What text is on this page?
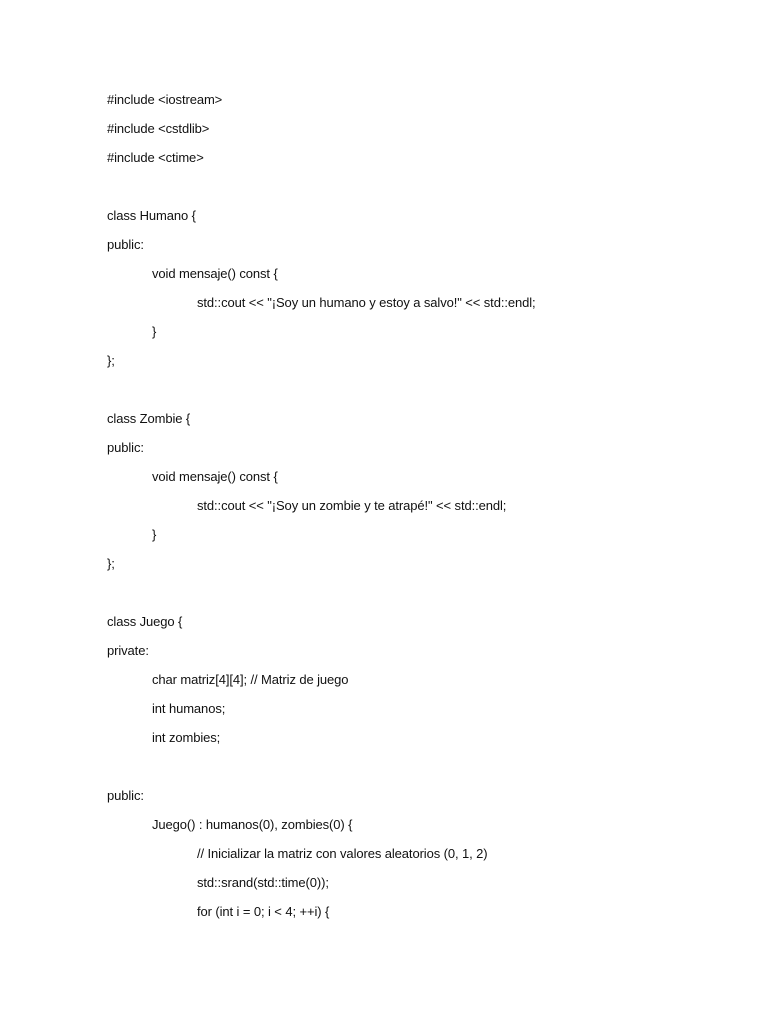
#include <iostream>
#include <cstdlib>
#include <ctime>
class Humano {
public:
void mensaje() const {
std::cout << "¡Soy un humano y estoy a salvo!" << std::endl;
}
};
class Zombie {
public:
void mensaje() const {
std::cout << "¡Soy un zombie y te atrapé!" << std::endl;
}
};
class Juego {
private:
char matriz[4][4]; // Matriz de juego
int humanos;
int zombies;
public:
Juego() : humanos(0), zombies(0) {
// Inicializar la matriz con valores aleatorios (0, 1, 2)
std::srand(std::time(0));
for (int i = 0; i < 4; ++i) {
